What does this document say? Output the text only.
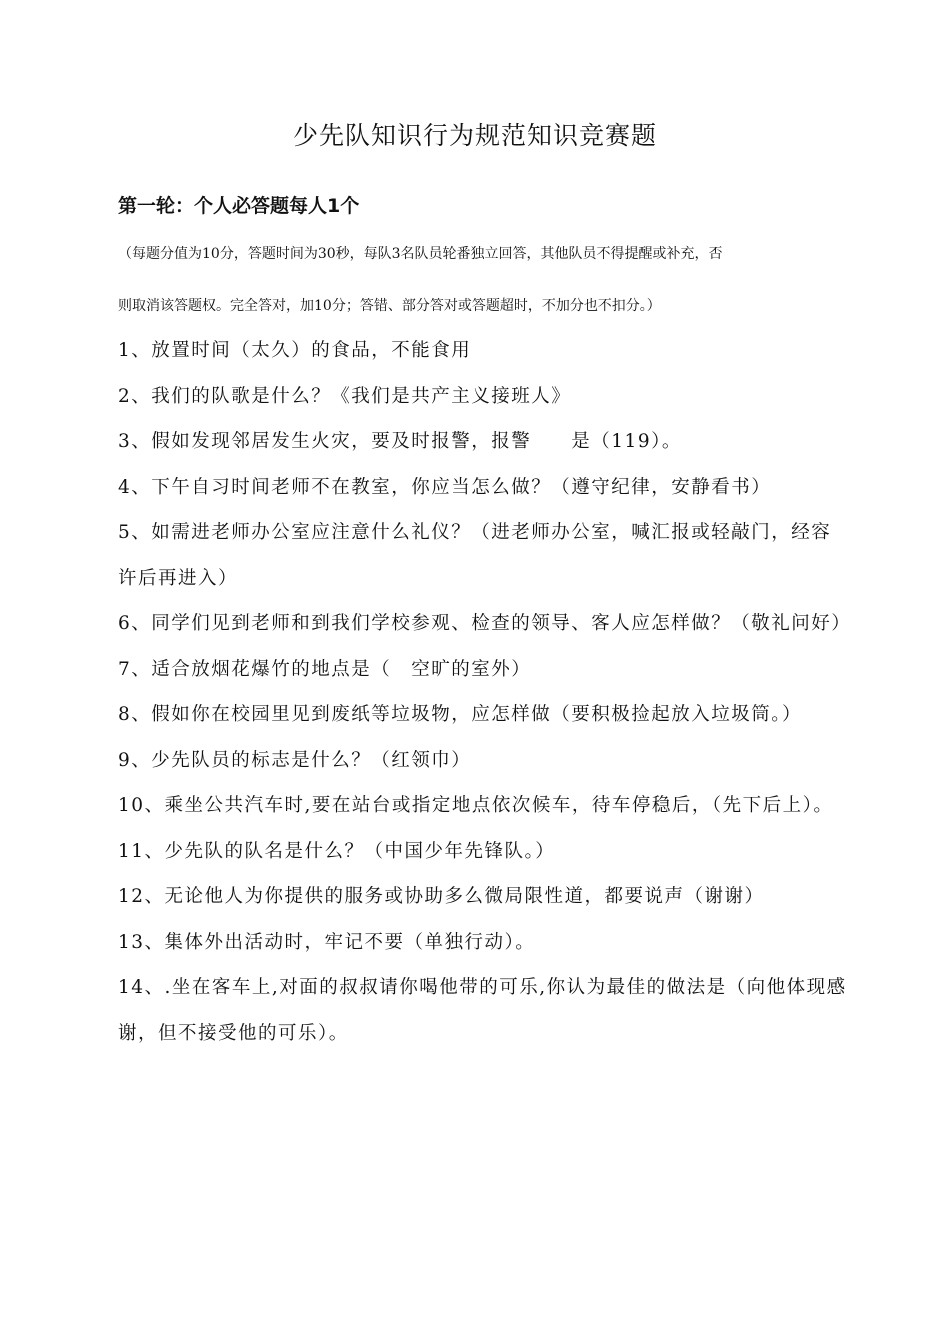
少先队知识行为规范知识竞赛题
第一轮：个人必答题每人1个
（每题分值为10分，答题时间为30秒，每队3名队员轮番独立回答，其他队员不得提醒或补充，否
则取消该答题权。完全答对，加10分；答错、部分答对或答题超时，不加分也不扣分。）
1、放置时间（太久）的食品，不能食用
2、我们的队歌是什么？《我们是共产主义接班人》
3、假如发现邻居发生火灾，要及时报警，报警　　是（119）。
4、下午自习时间老师不在教室，你应当怎么做？（遵守纪律，安静看书）
5、如需进老师办公室应注意什么礼仪？（进老师办公室，喊汇报或轻敲门，经容许后再进入）
6、同学们见到老师和到我们学校参观、检查的领导、客人应怎样做？（敬礼问好）
7、适合放烟花爆竹的地点是（　空旷的室外）
8、假如你在校园里见到废纸等垃圾物，应怎样做（要积极捡起放入垃圾筒。）
9、少先队员的标志是什么？（红领巾）
10、乘坐公共汽车时,要在站台或指定地点依次候车，待车停稳后，（先下后上）。
11、少先队的队名是什么？（中国少年先锋队。）
12、无论他人为你提供的服务或协助多么微局限性道，都要说声（谢谢）
13、集体外出活动时，牢记不要（单独行动）。
14、.坐在客车上,对面的叔叔请你喝他带的可乐,你认为最佳的做法是（向他体现感谢，但不接受他的可乐）。
